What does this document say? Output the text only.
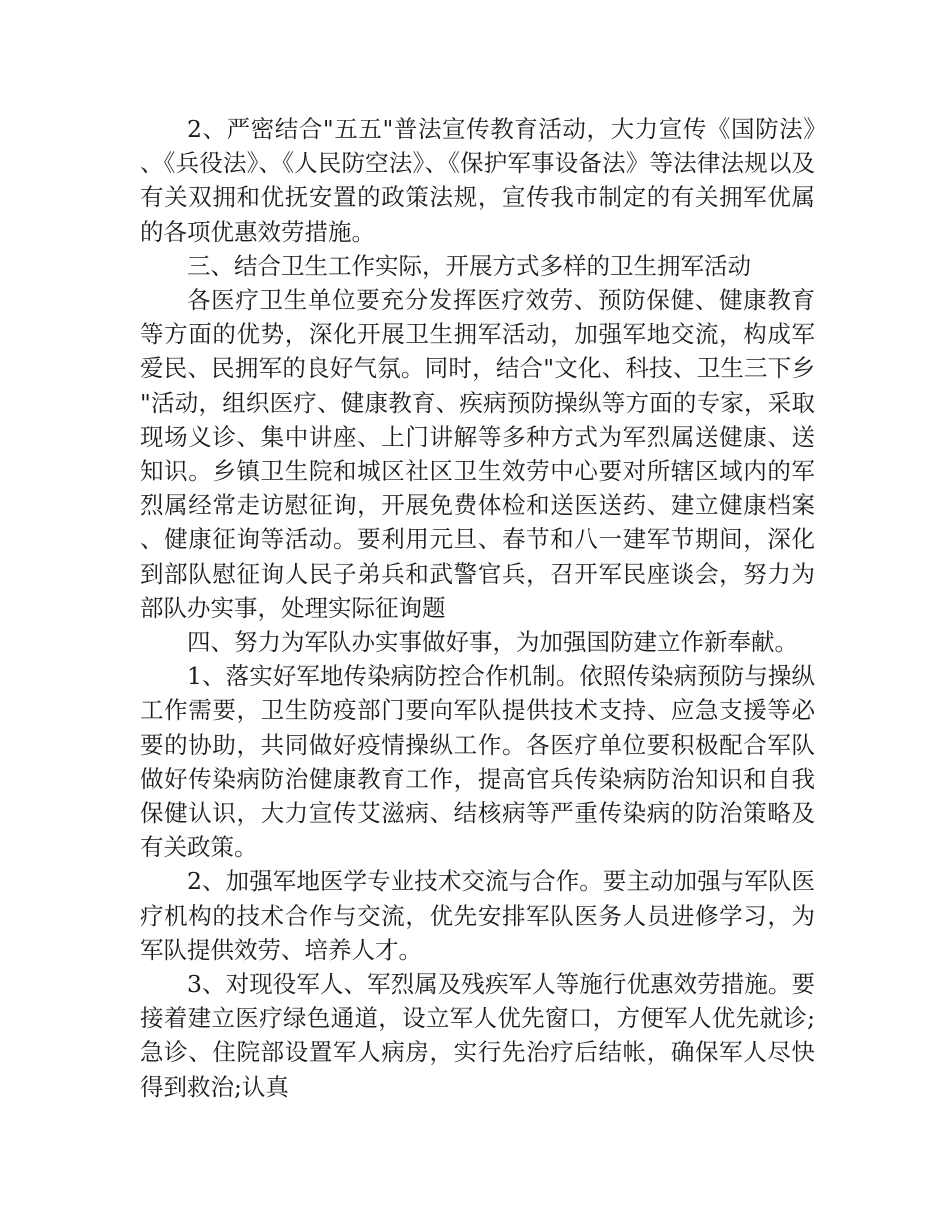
2、严密结合"五五"普法宣传教育活动，大力宣传《国防法》、《兵役法》、《人民防空法》、《保护军事设备法》等法律法规以及有关双拥和优抚安置的政策法规，宣传我市制定的有关拥军优属的各项优惠效劳措施。

三、结合卫生工作实际，开展方式多样的卫生拥军活动

各医疗卫生单位要充分发挥医疗效劳、预防保健、健康教育等方面的优势，深化开展卫生拥军活动，加强军地交流，构成军爱民、民拥军的良好气氛。同时，结合"文化、科技、卫生三下乡"活动，组织医疗、健康教育、疾病预防操纵等方面的专家，采取现场义诊、集中讲座、上门讲解等多种方式为军烈属送健康、送知识。乡镇卫生院和城区社区卫生效劳中心要对所辖区域内的军烈属经常走访慰征询，开展免费体检和送医送药、建立健康档案、健康征询等活动。要利用元旦、春节和八一建军节期间，深化到部队慰征询人民子弟兵和武警官兵，召开军民座谈会，努力为部队办实事，处理实际征询题

四、努力为军队办实事做好事，为加强国防建立作新奉献。

1、落实好军地传染病防控合作机制。依照传染病预防与操纵工作需要，卫生防疫部门要向军队提供技术支持、应急支援等必要的协助，共同做好疫情操纵工作。各医疗单位要积极配合军队做好传染病防治健康教育工作，提高官兵传染病防治知识和自我保健认识，大力宣传艾滋病、结核病等严重传染病的防治策略及有关政策。

2、加强军地医学专业技术交流与合作。要主动加强与军队医疗机构的技术合作与交流，优先安排军队医务人员进修学习，为军队提供效劳、培养人才。

3、对现役军人、军烈属及残疾军人等施行优惠效劳措施。要接着建立医疗绿色通道，设立军人优先窗口，方便军人优先就诊;急诊、住院部设置军人病房，实行先治疗后结帐，确保军人尽快得到救治;认真
